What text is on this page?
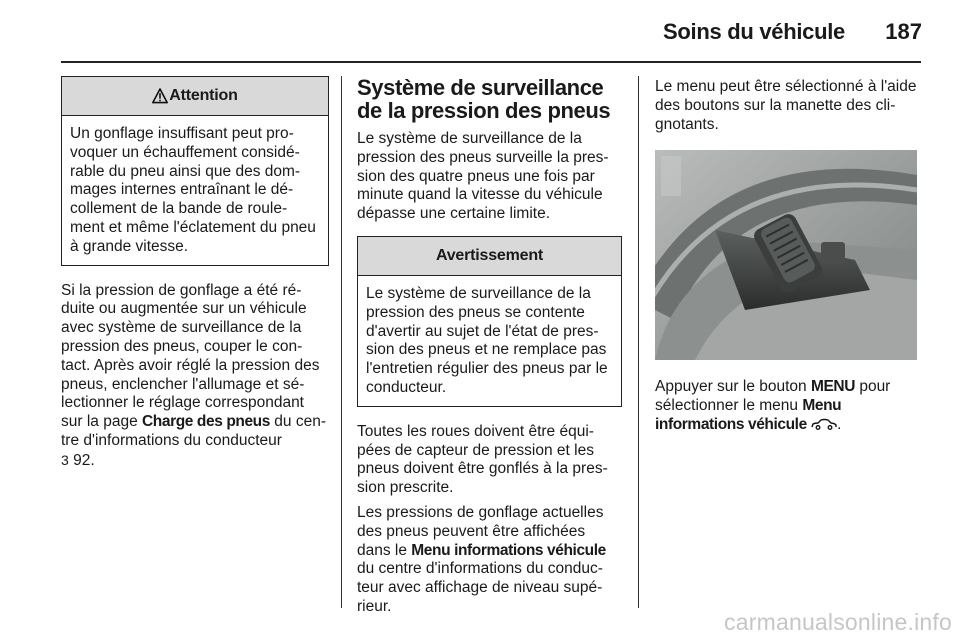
Soins du véhicule	187
Attention
Un gonflage insuffisant peut pro-voquer un échauffement considé-rable du pneu ainsi que des dom-mages internes entraînant le dé-collement de la bande de roule-ment et même l'éclatement du pneu à grande vitesse.

Si la pression de gonflage a été ré-duite ou augmentée sur un véhicule avec système de surveillance de la pression des pneus, couper le con-tact. Après avoir réglé la pression des pneus, enclencher l'allumage et sé-lectionner le réglage correspondant sur la page Charge des pneus du cen-tre d'informations du conducteur
3 92.

Système de surveillance de la pression des pneus

Le système de surveillance de la pression des pneus surveille la pres-sion des quatre pneus une fois par minute quand la vitesse du véhicule dépasse une certaine limite.

Avertissement
Le système de surveillance de la pression des pneus se contente d'avertir au sujet de l'état de pres-sion des pneus et ne remplace pas l'entretien régulier des pneus par le conducteur.

Toutes les roues doivent être équi-pées de capteur de pression et les pneus doivent être gonflés à la pres-sion prescrite.

Les pressions de gonflage actuelles des pneus peuvent être affichées dans le Menu informations véhicule du centre d'informations du conduc-teur avec affichage de niveau supé-rieur.

Le menu peut être sélectionné à l'aide des boutons sur la manette des cli-gnotants.

Appuyer sur le bouton MENU pour sélectionner le menu Menu informations véhicule .

carmanualsonline.info
